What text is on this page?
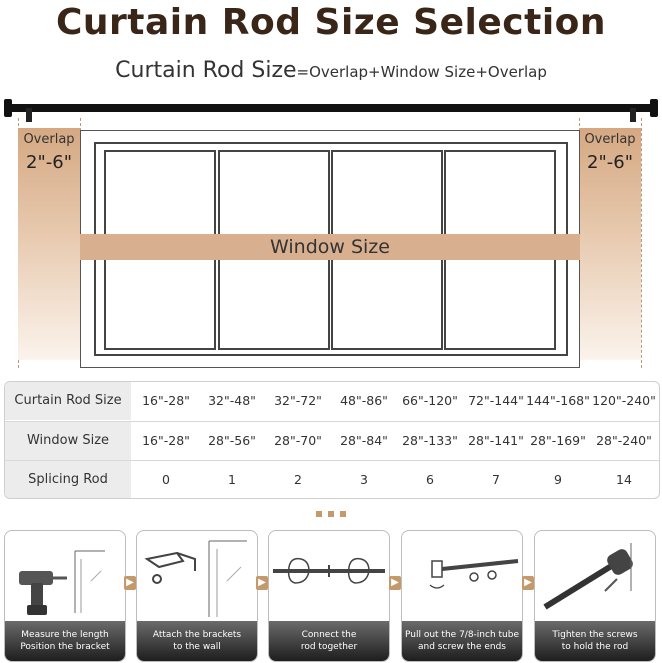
Curtain Rod Size Selection
Curtain Rod Size=Overlap+Window Size+Overlap
Overlap
2"-6"
Overlap
2"-6"
Window Size
Curtain Rod Size	16"-28"	32"-48"	32"-72"	48"-86"	66"-120" 72"-144" 144"-168" 120"-240"
Window Size	16"-28"	28"-56"	28"-70"	28"-84"	28"-133" 28"-141" 28"-169" 28"-240"
Splicing Rod	0	1	2	3	6	7	9	14
Measure the length
Position the bracket
▶
Attach the brackets
to the wall
▶
Connect the
rod together
▶
Pull out the 7/8-inch tube
and screw the ends
▶
Tighten the screws
to hold the rod
